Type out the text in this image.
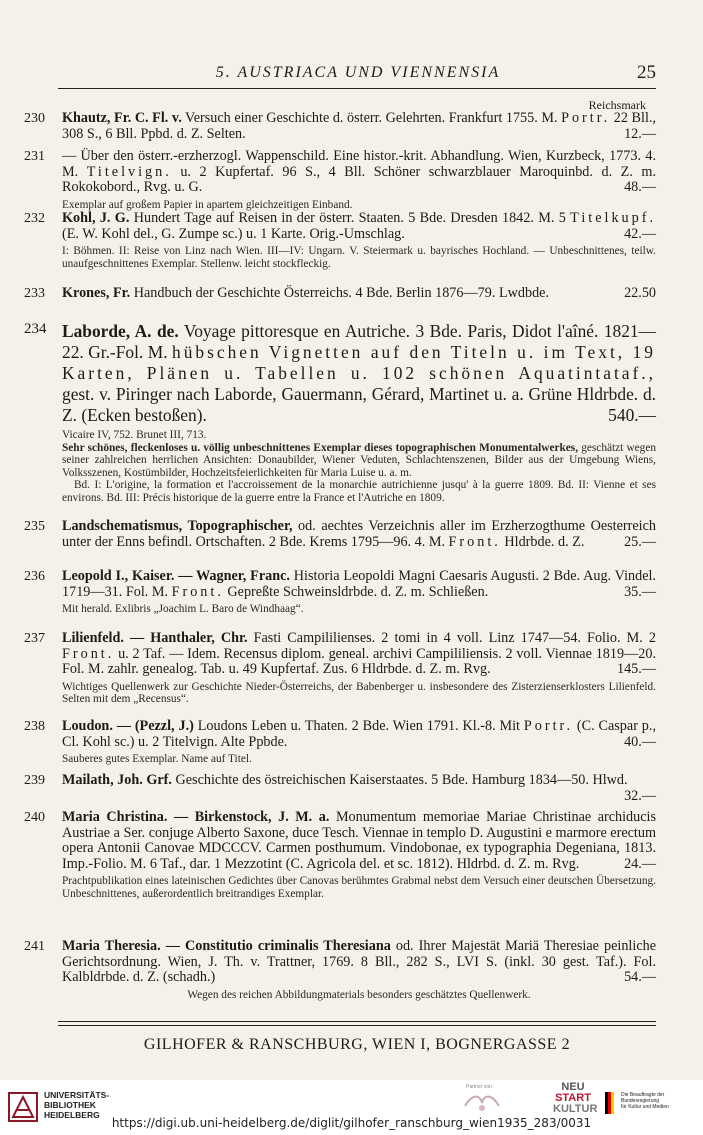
5. AUSTRIACA UND VIENNENSIA	25
Reichsmark
230	Khautz, Fr. C. Fl. v. Versuch einer Geschichte d. österr. Gelehrten. Frankfurt 1755. M. Portr. 22 Bll., 308 S., 6 Bll. Ppbd. d. Z. Selten.	12.—
231	— Über den österr.-erzherzogl. Wappenschild. Eine histor.-krit. Abhandlung. Wien, Kurzbeck, 1773. 4. M. Titelvign. u. 2 Kupfertaf. 96 S., 4 Bll. Schöner schwarzblauer Maroquinbd. d. Z. m. Rokokobord., Rvg. u. G.	48.—
Exemplar auf großem Papier in apartem gleichzeitigen Einband.
232	Kohl, J. G. Hundert Tage auf Reisen in der österr. Staaten. 5 Bde. Dresden 1842. M. 5 Titelkupf. (E. W. Kohl del., G. Zumpe sc.) u. 1 Karte. Orig.-Umschlag.	42.—
I: Böhmen. II: Reise von Linz nach Wien. III—IV: Ungarn. V. Steiermark u. bayrisches Hochland. — Unbeschnittenes, teilw. unaufgeschnittenes Exemplar. Stellenw. leicht stockfleckig.
233	Krones, Fr. Handbuch der Geschichte Österreichs. 4 Bde. Berlin 1876—79. Lwdbde.	22.50
234 Laborde, A. de. Voyage pittoresque en Autriche. 3 Bde. Paris, Didot l'aîné. 1821—22. Gr.-Fol. M. hübschen Vignetten auf den Titeln u. im Text, 19 Karten, Plänen u. Tabellen u. 102 schönen Aquatintataf., gest. v. Piringer nach Laborde, Gauermann, Gérard, Martinet u. a. Grüne Hldrbde. d. Z. (Ecken bestoßen).	540.—
Vicaire IV, 752. Brunet III, 713.
Sehr schönes, fleckenloses u. völlig unbeschnittenes Exemplar dieses topographischen Monumentalwerkes, geschätzt wegen seiner zahlreichen herrlichen Ansichten: Donaubilder, Wiener Veduten, Schlachtenszenen, Bilder aus der Umgebung Wiens, Volksszenen, Kostümbilder, Hochzeitsfeierlichkeiten für Maria Luise u. a. m.
Bd. I: L'origine, la formation et l'accroissement de la monarchie autrichienne jusqu' à la guerre 1809. Bd. II: Vienne et ses environs. Bd. III: Précis historique de la guerre entre la France et l'Autriche en 1809.
235	Landschematismus, Topographischer, od. aechtes Verzeichnis aller im Erzherzogthume Oesterreich unter der Enns befindl. Ortschaften. 2 Bde. Krems 1795—96. 4. M. Front. Hldrbde. d. Z.	25.—
236	Leopold I., Kaiser. — Wagner, Franc. Historia Leopoldi Magni Caesaris Augusti. 2 Bde. Aug. Vindel. 1719—31. Fol. M. Front. Gepreßte Schweinsldrbde. d. Z. m. Schließen.	35.—
Mit herald. Exlibris „Joachim L. Baro de Windhaag“.
237	Lilienfeld. — Hanthaler, Chr. Fasti Campililienses. 2 tomi in 4 voll. Linz 1747—54. Folio. M. 2 Front. u. 2 Taf. — Idem. Recensus diplom. geneal. archivi Campililiensis. 2 voll. Viennae 1819—20. Fol. M. zahlr. genealog. Tab. u. 49 Kupfertaf. Zus. 6 Hldrbde. d. Z. m. Rvg.	145.—
Wichtiges Quellenwerk zur Geschichte Nieder-Österreichs, der Babenberger u. insbesondere des Zisterzienserklosters Lilienfeld. Selten mit dem „Recensus“.
238	Loudon. — (Pezzl, J.) Loudons Leben u. Thaten. 2 Bde. Wien 1791. Kl.-8. Mit Portr. (C. Caspar p., Cl. Kohl sc.) u. 2 Titelvign. Alte Ppbde.	40.—
Sauberes gutes Exemplar. Name auf Titel.
239	Mailath, Joh. Grf. Geschichte des östreichischen Kaiserstaates. 5 Bde. Hamburg 1834—50. Hlwd.
32.—
240	Maria Christina. — Birkenstock, J. M. a. Monumentum memoriae Mariae Christinae archiducis Austriae a Ser. conjuge Alberto Saxone, duce Tesch. Viennae in templo D. Augustini e marmore erectum opera Antonii Canovae MDCCCV. Carmen posthumum. Vindobonae, ex typographia Degeniana, 1813. Imp.-Folio. M. 6 Taf., dar. 1 Mezzotint (C. Agricola del. et sc. 1812). Hldrbd. d. Z. m. Rvg.	24.—
Prachtpublikation eines lateinischen Gedichtes über Canovas berühmtes Grabmal nebst dem Versuch einer deutschen Übersetzung. Unbeschnittenes, außerordentlich breitrandiges Exemplar.
241	Maria Theresia. — Constitutio criminalis Theresiana od. Ihrer Majestät Mariä Theresiae peinliche Gerichtsordnung. Wien, J. Th. v. Trattner, 1769. 8 Bll., 282 S., LVI S. (inkl. 30 gest. Taf.). Fol. Kalbldrbde. d. Z. (schadh.)	54.—
Wegen des reichen Abbildungmaterials besonders geschätztes Quellenwerk.
GILHOFER & RANSCHBURG, WIEN I, BOGNERGASSE 2
UNIVERSITÄTS-
BIBLIOTHEK
HEIDELBERG
Partner von	NEU
START
KULTUR
Die Beauftragte der Bundesregierung
für Kultur und Medien
https://digi.ub.uni-heidelberg.de/diglit/gilhofer_ranschburg_wien1935_283/0031
